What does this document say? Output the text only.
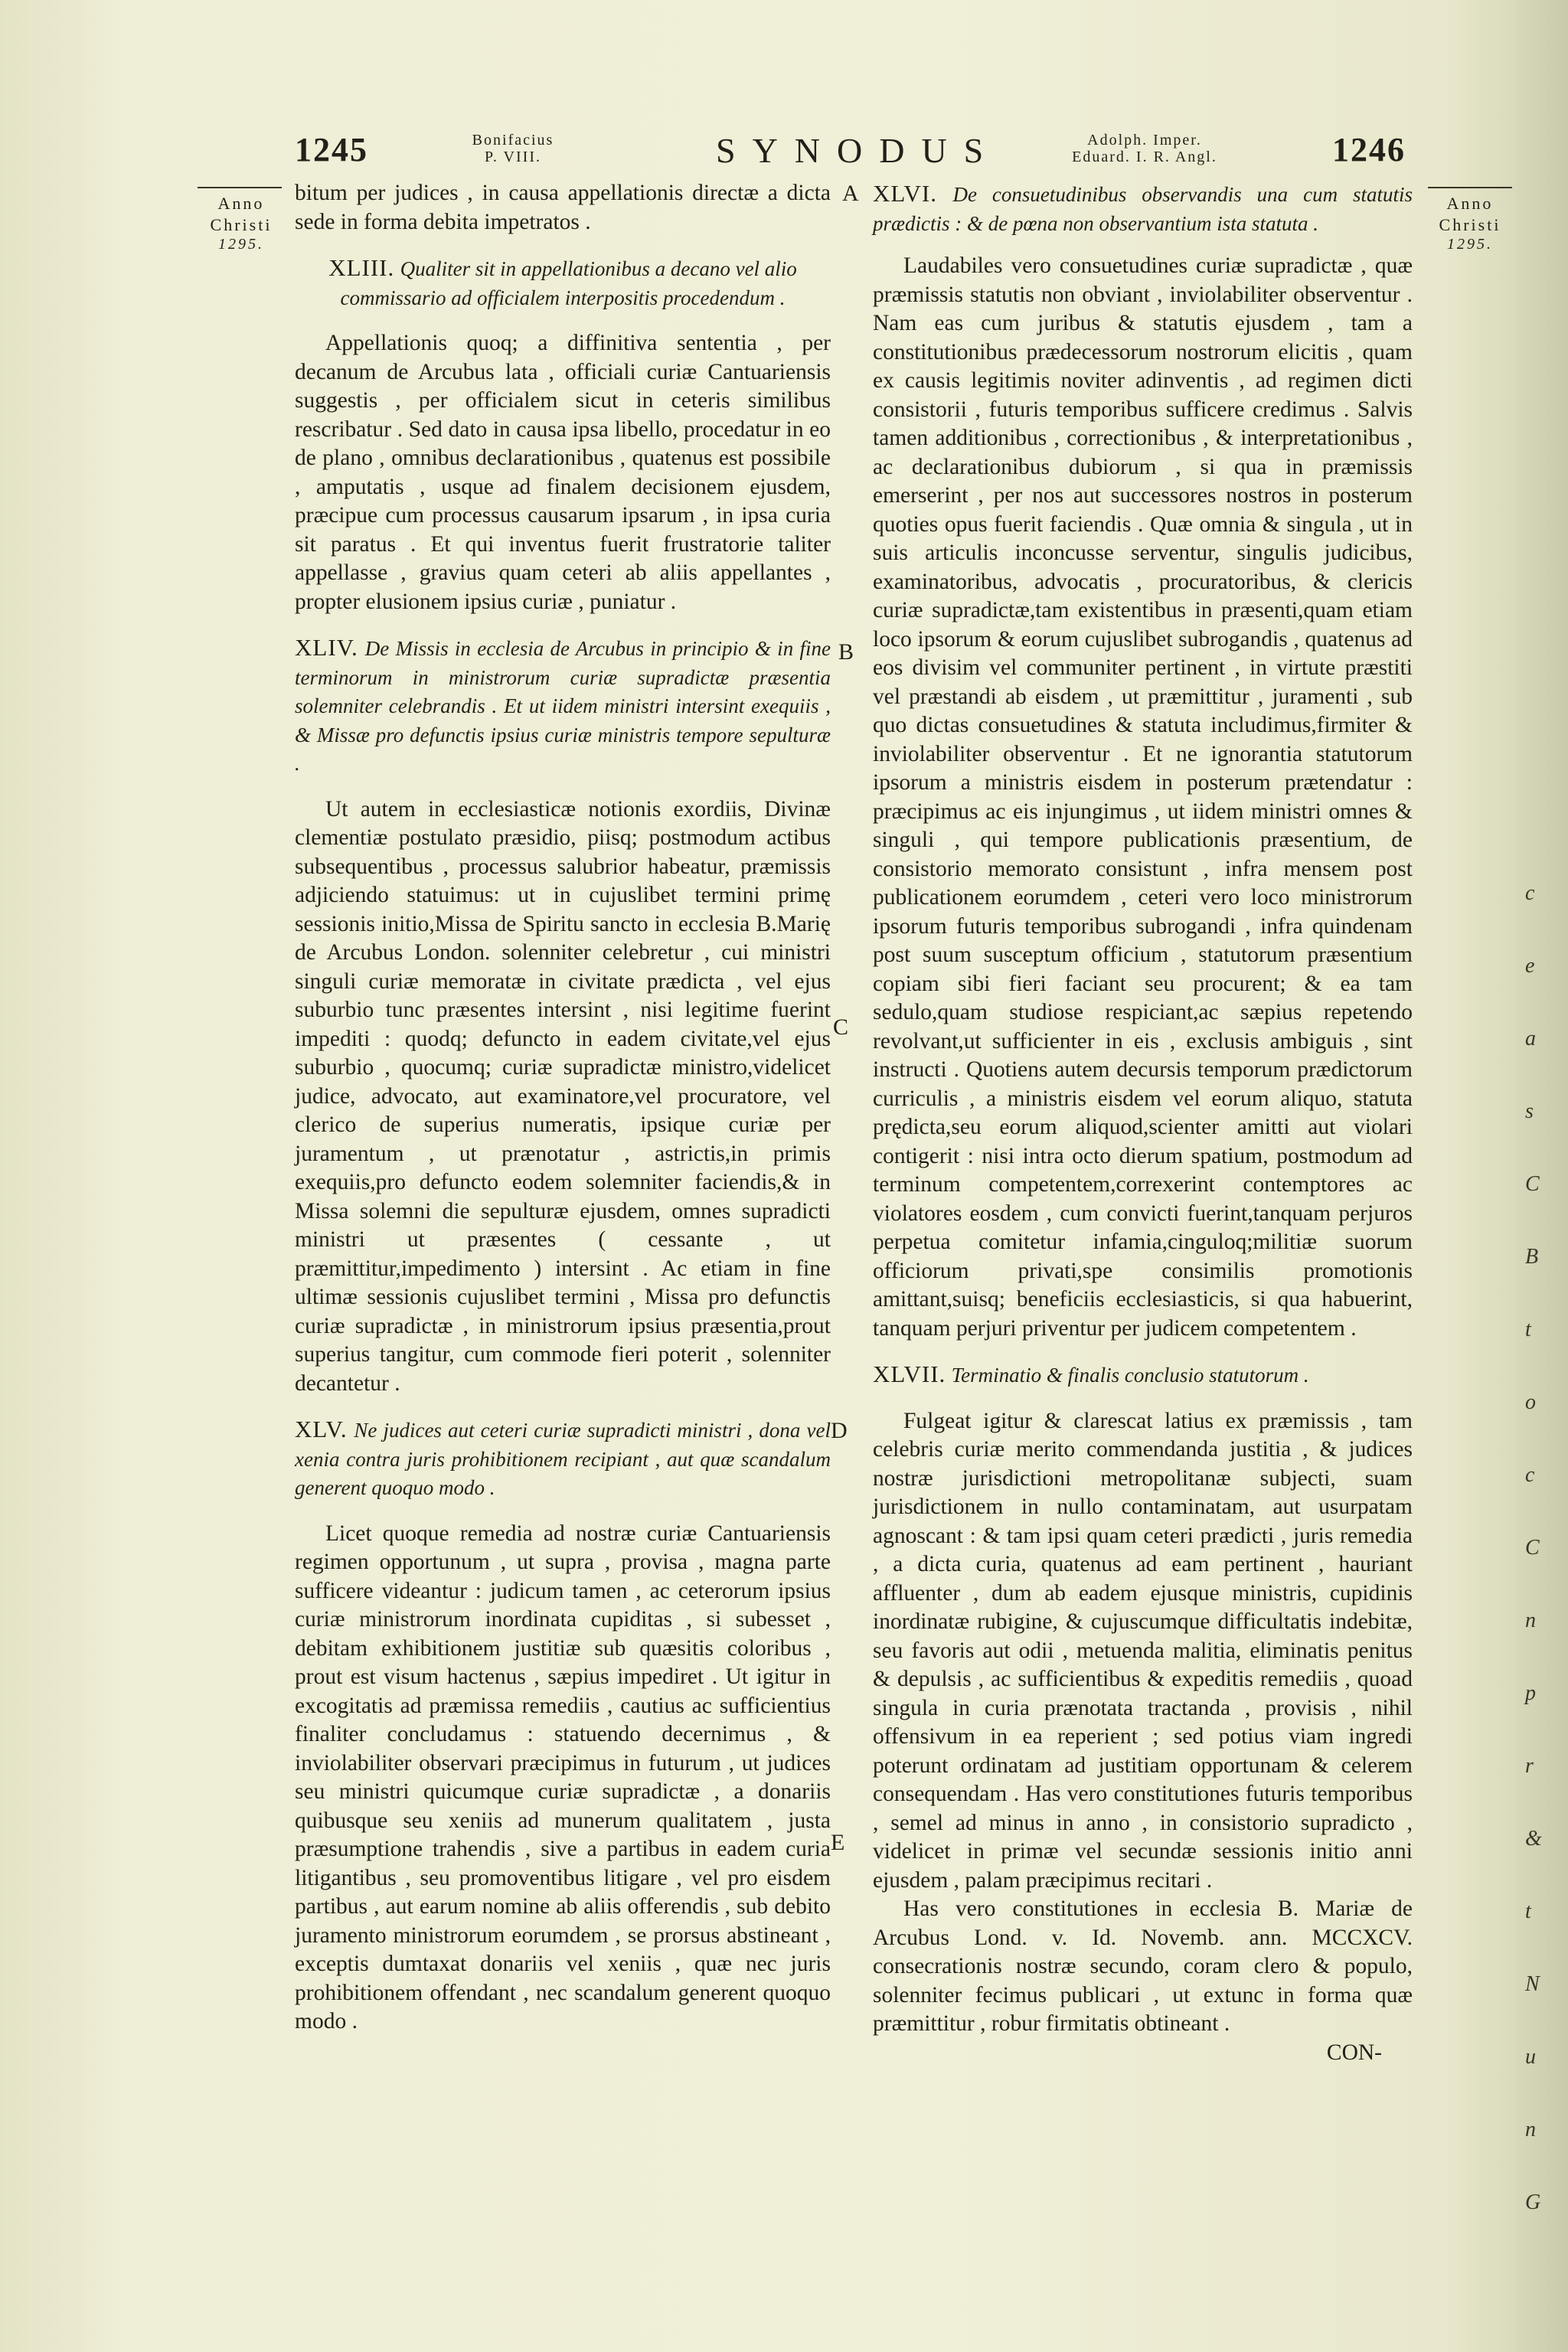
1245	Bonifacius
P. VIII.	SYNODUS	Adolph. Imper.
Eduard. I. R. Angl.	1246
Anno
Christi
1295.
Anno
Christi
1295.
A
B
C
D
E

bitum per judices , in causa appellationis directæ a dicta sede in forma debita impetratos .

XLIII. Qualiter sit in appellationibus a decano vel alio commissario ad officialem interpositis procedendum .

Appellationis quoq; a diffinitiva sententia , per decanum de Arcubus lata , officiali curiæ Cantuariensis suggestis , per officialem sicut in ceteris similibus rescribatur . Sed dato in causa ipsa libello, procedatur in eo de plano , omnibus declarationibus , quatenus est possibile , amputatis , usque ad finalem decisionem ejusdem, præcipue cum processus causarum ipsarum , in ipsa curia sit paratus . Et qui inventus fuerit frustratorie taliter appellasse , gravius quam ceteri ab aliis appellantes , propter elusionem ipsius curiæ , puniatur .

XLIV. De Missis in ecclesia de Arcubus in principio & in fine terminorum in ministrorum curiæ supradictæ præsentia solemniter celebrandis . Et ut iidem ministri intersint exequiis , & Missæ pro defunctis ipsius curiæ ministris tempore sepulturæ .

Ut autem in ecclesiasticæ notionis exordiis, Divinæ clementiæ postulato præsidio, piisq; postmodum actibus subsequentibus , processus salubrior habeatur, præmissis adjiciendo statuimus: ut in cujuslibet termini primę sessionis initio,Missa de Spiritu sancto in ecclesia B.Marię de Arcubus London. solenniter celebretur , cui ministri singuli curiæ memoratæ in civitate prædicta , vel ejus suburbio tunc præsentes intersint , nisi legitime fuerint impediti : quodq; defuncto in eadem civitate,vel ejus suburbio , quocumq; curiæ supradictæ ministro,videlicet judice, advocato, aut examinatore,vel procuratore, vel clerico de superius numeratis, ipsique curiæ per juramentum , ut prænotatur , astrictis,in primis exequiis,pro defuncto eodem solemniter faciendis,& in Missa solemni die sepulturæ ejusdem, omnes supradicti ministri ut præsentes ( cessante , ut præmittitur,impedimento ) intersint . Ac etiam in fine ultimæ sessionis cujuslibet termini , Missa pro defunctis curiæ supradictæ , in ministrorum ipsius præsentia,prout superius tangitur, cum commode fieri poterit , solenniter decantetur .

XLV. Ne judices aut ceteri curiæ supradicti ministri , dona vel xenia contra juris prohibitionem recipiant , aut quæ scandalum generent quoquo modo .

Licet quoque remedia ad nostræ curiæ Cantuariensis regimen opportunum , ut supra , provisa , magna parte sufficere videantur : judicum tamen , ac ceterorum ipsius curiæ ministrorum inordinata cupiditas , si subesset , debitam exhibitionem justitiæ sub quæsitis coloribus , prout est visum hactenus , sæpius impediret . Ut igitur in excogitatis ad præmissa remediis , cautius ac sufficientius finaliter concludamus : statuendo decernimus , & inviolabiliter observari præcipimus in futurum , ut judices seu ministri quicumque curiæ supradictæ , a donariis quibusque seu xeniis ad munerum qualitatem , justa præsumptione trahendis , sive a partibus in eadem curia litigantibus , seu promoventibus litigare , vel pro eisdem partibus , aut earum nomine ab aliis offerendis , sub debito juramento ministrorum eorumdem , se prorsus abstineant , exceptis dumtaxat donariis vel xeniis , quæ nec juris prohibitionem offendant , nec scandalum generent quoquo modo .

XLVI. De consuetudinibus observandis una cum statutis prædictis : & de pœna non observantium ista statuta .

Laudabiles vero consuetudines curiæ supradictæ , quæ præmissis statutis non obviant , inviolabiliter observentur . Nam eas cum juribus & statutis ejusdem , tam a constitutionibus prædecessorum nostrorum elicitis , quam ex causis legitimis noviter adinventis , ad regimen dicti consistorii , futuris temporibus sufficere credimus . Salvis tamen additionibus , correctionibus , & interpretationibus , ac declarationibus dubiorum , si qua in præmissis emerserint , per nos aut successores nostros in posterum quoties opus fuerit faciendis . Quæ omnia & singula , ut in suis articulis inconcusse serventur, singulis judicibus, examinatoribus, advocatis , procuratoribus, & clericis curiæ supradictæ,tam existentibus in præsenti,quam etiam loco ipsorum & eorum cujuslibet subrogandis , quatenus ad eos divisim vel communiter pertinent , in virtute præstiti vel præstandi ab eisdem , ut præmittitur , juramenti , sub quo dictas consuetudines & statuta includimus,firmiter & inviolabiliter observentur . Et ne ignorantia statutorum ipsorum a ministris eisdem in posterum prætendatur : præcipimus ac eis injungimus , ut iidem ministri omnes & singuli , qui tempore publicationis præsentium, de consistorio memorato consistunt , infra mensem post publicationem eorumdem , ceteri vero loco ministrorum ipsorum futuris temporibus subrogandi , infra quindenam post suum susceptum officium , statutorum præsentium copiam sibi fieri faciant seu procurent; & ea tam sedulo,quam studiose respiciant,ac sæpius repetendo revolvant,ut sufficienter in eis , exclusis ambiguis , sint instructi . Quotiens autem decursis temporum prædictorum curriculis , a ministris eisdem vel eorum aliquo, statuta prędicta,seu eorum aliquod,scienter amitti aut violari contigerit : nisi intra octo dierum spatium, postmodum ad terminum competentem,correxerint contemptores ac violatores eosdem , cum convicti fuerint,tanquam perjuros perpetua comitetur infamia,cinguloq;militiæ suorum officiorum privati,spe consimilis promotionis amittant,suisq; beneficiis ecclesiasticis, si qua habuerint, tanquam perjuri priventur per judicem competentem .

XLVII. Terminatio & finalis conclusio statutorum .

Fulgeat igitur & clarescat latius ex præmissis , tam celebris curiæ merito commendanda justitia , & judices nostræ jurisdictioni metropolitanæ subjecti, suam jurisdictionem in nullo contaminatam, aut usurpatam agnoscant : & tam ipsi quam ceteri prædicti , juris remedia , a dicta curia, quatenus ad eam pertinent , hauriant affluenter , dum ab eadem ejusque ministris, cupidinis inordinatæ rubigine, & cujuscumque difficultatis indebitæ, seu favoris aut odii , metuenda malitia, eliminatis penitus & depulsis , ac sufficientibus & expeditis remediis , quoad singula in curia prænotata tractanda , provisis , nihil offensivum in ea reperient ; sed potius viam ingredi poterunt ordinatam ad justitiam opportunam & celerem consequendam . Has vero constitutiones futuris temporibus , semel ad minus in anno , in consistorio supradicto , videlicet in primæ vel secundæ sessionis initio anni ejusdem , palam præcipimus recitari .

Has vero constitutiones in ecclesia B. Mariæ de Arcubus Lond. v. Id. Novemb. ann. MCCXCV. consecrationis nostræ secundo, coram clero & populo, solenniter fecimus publicari , ut extunc in forma quæ præmittitur , robur firmitatis obtineant .

CON-

c
e
a
s
C
B
t
o
c
C
n
p
r
&
t
N
u
n
G
